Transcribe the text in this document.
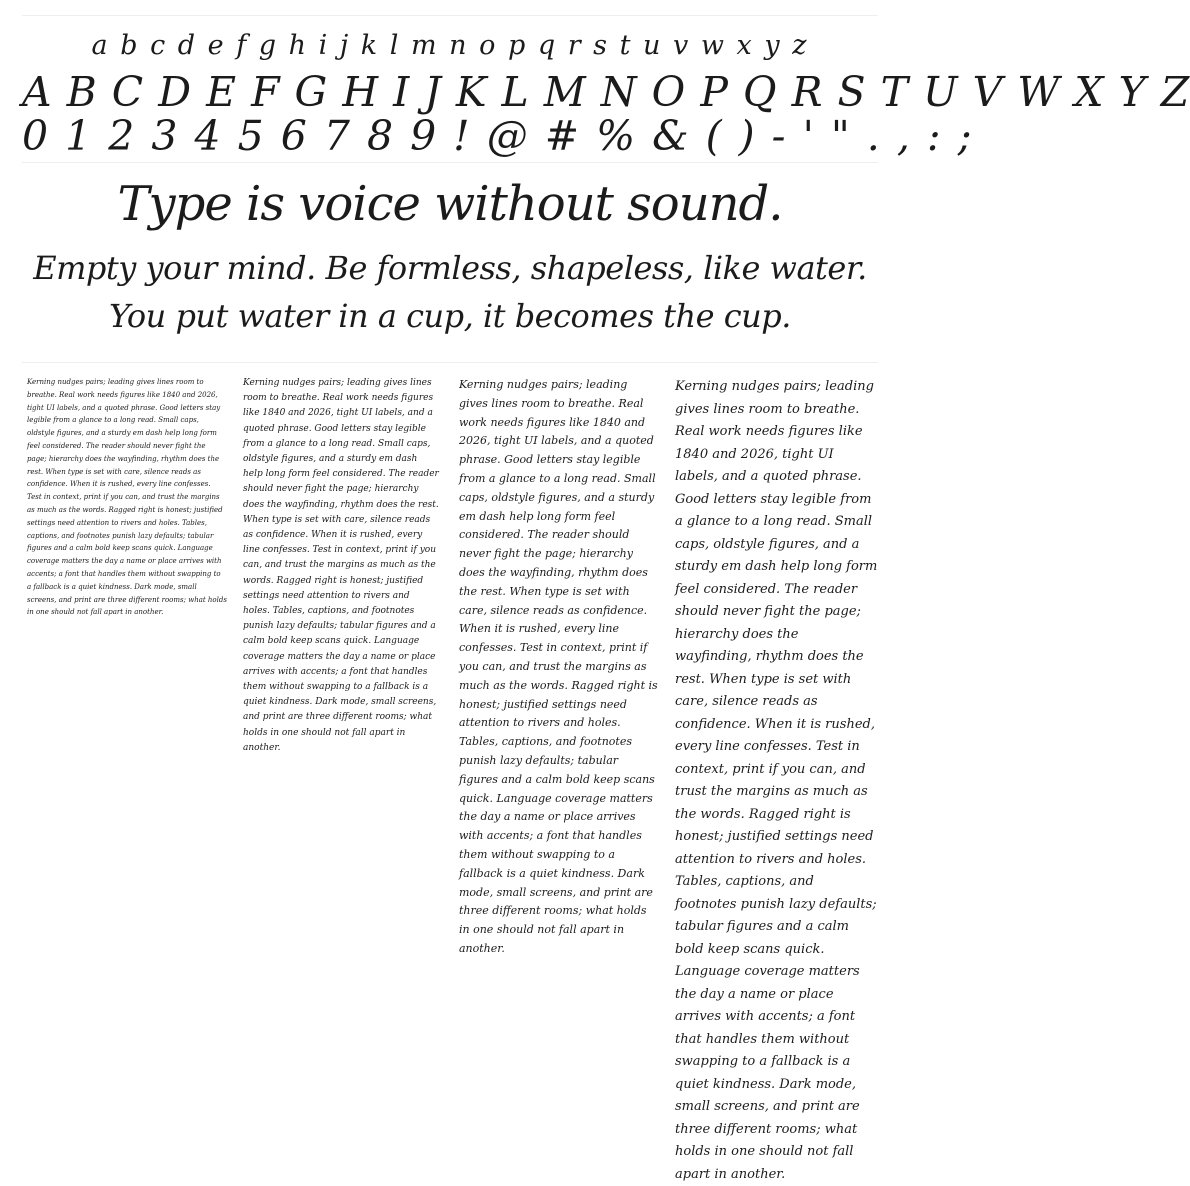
a b c d e f g h i j k l m n o p q r s t u v w x y z
A B C D E F G H I J K L M N O P Q R S T U V W X Y Z
0 1 2 3 4 5 6 7 8 9 ! @ # % & ( ) - ' " . , : ;
Type is voice without sound.
Empty your mind. Be formless, shapeless, like water.
You put water in a cup, it becomes the cup.
Kerning nudges pairs; leading gives lines room to breathe. Real work needs figures like 1840 and 2026, tight UI labels, and a quoted phrase. Good letters stay legible from a glance to a long read. Small caps, oldstyle figures, and a sturdy em dash help long form feel considered. The reader should never fight the page; hierarchy does the wayfinding, rhythm does the rest. When type is set with care, silence reads as confidence. When it is rushed, every line confesses. Test in context, print if you can, and trust the margins as much as the words. Ragged right is honest; justified settings need attention to rivers and holes. Tables, captions, and footnotes punish lazy defaults; tabular figures and a calm bold keep scans quick. Language coverage matters the day a name or place arrives with accents; a font that handles them without swapping to a fallback is a quiet kindness. Dark mode, small screens, and print are three different rooms; what holds in one should not fall apart in another.
Kerning nudges pairs; leading gives lines room to breathe. Real work needs figures like 1840 and 2026, tight UI labels, and a quoted phrase. Good letters stay legible from a glance to a long read. Small caps, oldstyle figures, and a sturdy em dash help long form feel considered. The reader should never fight the page; hierarchy does the wayfinding, rhythm does the rest. When type is set with care, silence reads as confidence. When it is rushed, every line confesses. Test in context, print if you can, and trust the margins as much as the words. Ragged right is honest; justified settings need attention to rivers and holes. Tables, captions, and footnotes punish lazy defaults; tabular figures and a calm bold keep scans quick. Language coverage matters the day a name or place arrives with accents; a font that handles them without swapping to a fallback is a quiet kindness. Dark mode, small screens, and print are three different rooms; what holds in one should not fall apart in another.
Kerning nudges pairs; leading gives lines room to breathe. Real work needs figures like 1840 and 2026, tight UI labels, and a quoted phrase. Good letters stay legible from a glance to a long read. Small caps, oldstyle figures, and a sturdy em dash help long form feel considered. The reader should never fight the page; hierarchy does the wayfinding, rhythm does the rest. When type is set with care, silence reads as confidence. When it is rushed, every line confesses. Test in context, print if you can, and trust the margins as much as the words. Ragged right is honest; justified settings need attention to rivers and holes. Tables, captions, and footnotes punish lazy defaults; tabular figures and a calm bold keep scans quick. Language coverage matters the day a name or place arrives with accents; a font that handles them without swapping to a fallback is a quiet kindness. Dark mode, small screens, and print are three different rooms; what holds in one should not fall apart in another.
Kerning nudges pairs; leading gives lines room to breathe. Real work needs figures like 1840 and 2026, tight UI labels, and a quoted phrase. Good letters stay legible from a glance to a long read. Small caps, oldstyle figures, and a sturdy em dash help long form feel considered. The reader should never fight the page; hierarchy does the wayfinding, rhythm does the rest. When type is set with care, silence reads as confidence. When it is rushed, every line confesses. Test in context, print if you can, and trust the margins as much as the words. Ragged right is honest; justified settings need attention to rivers and holes. Tables, captions, and footnotes punish lazy defaults; tabular figures and a calm bold keep scans quick. Language coverage matters the day a name or place arrives with accents; a font that handles them without swapping to a fallback is a quiet kindness. Dark mode, small screens, and print are three different rooms; what holds in one should not fall apart in another.
